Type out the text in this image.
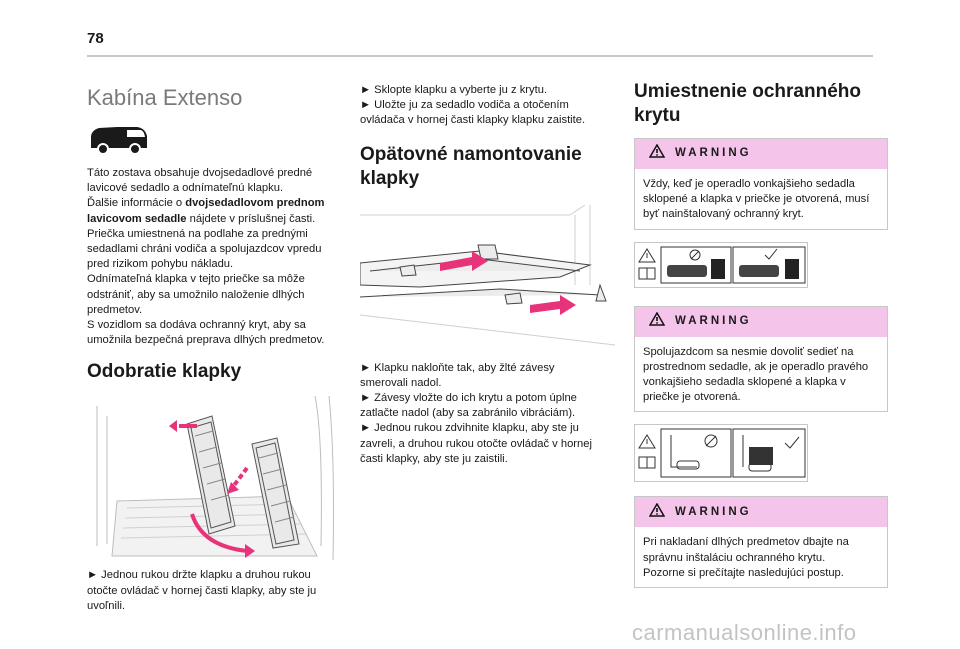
78
Kabína Extenso
Táto zostava obsahuje dvojsedadlové predné
lavicové sedadlo a odnímateľnú klapku.
Ďalšie informácie o dvojsedadlovom prednom
lavicovom sedadle nájdete v príslušnej časti.
Priečka umiestnená na podlahe za prednými
sedadlami chráni vodiča a spolujazdcov vpredu
pred rizikom pohybu nákladu.
Odnímateľná klapka v tejto priečke sa môže
odstrániť, aby sa umožnilo naloženie dlhých
predmetov.
S vozidlom sa dodáva ochranný kryt, aby sa
umožnila bezpečná preprava dlhých predmetov.
Odobratie klapky
► Jednou rukou držte klapku a druhou rukou
otočte ovládač v hornej časti klapky, aby ste ju
uvoľnili.
► Sklopte klapku a vyberte ju z krytu.
► Uložte ju za sedadlo vodiča a otočením
ovládača v hornej časti klapky klapku zaistite.
Opätovné namontovanie
klapky
► Klapku nakloňte tak, aby žlté závesy
smerovali nadol.
► Závesy vložte do ich krytu a potom úplne
zatlačte nadol (aby sa zabránilo vibráciám).
► Jednou rukou zdvihnite klapku, aby ste ju
zavreli, a druhou rukou otočte ovládač v hornej
časti klapky, aby ste ju zaistili.
Umiestnenie ochranného
krytu
WARNING
Vždy, keď je operadlo vonkajšieho sedadla
sklopené a klapka v priečke je otvorená, musí
byť nainštalovaný ochranný kryt.
WARNING
Spolujazdcom sa nesmie dovoliť sedieť na
prostrednom sedadle, ak je operadlo pravého
vonkajšieho sedadla sklopené a klapka v
priečke je otvorená.
WARNING
Pri nakladaní dlhých predmetov dbajte na
správnu inštaláciu ochranného krytu.
Pozorne si prečítajte nasledujúci postup.
carmanualsonline.info
